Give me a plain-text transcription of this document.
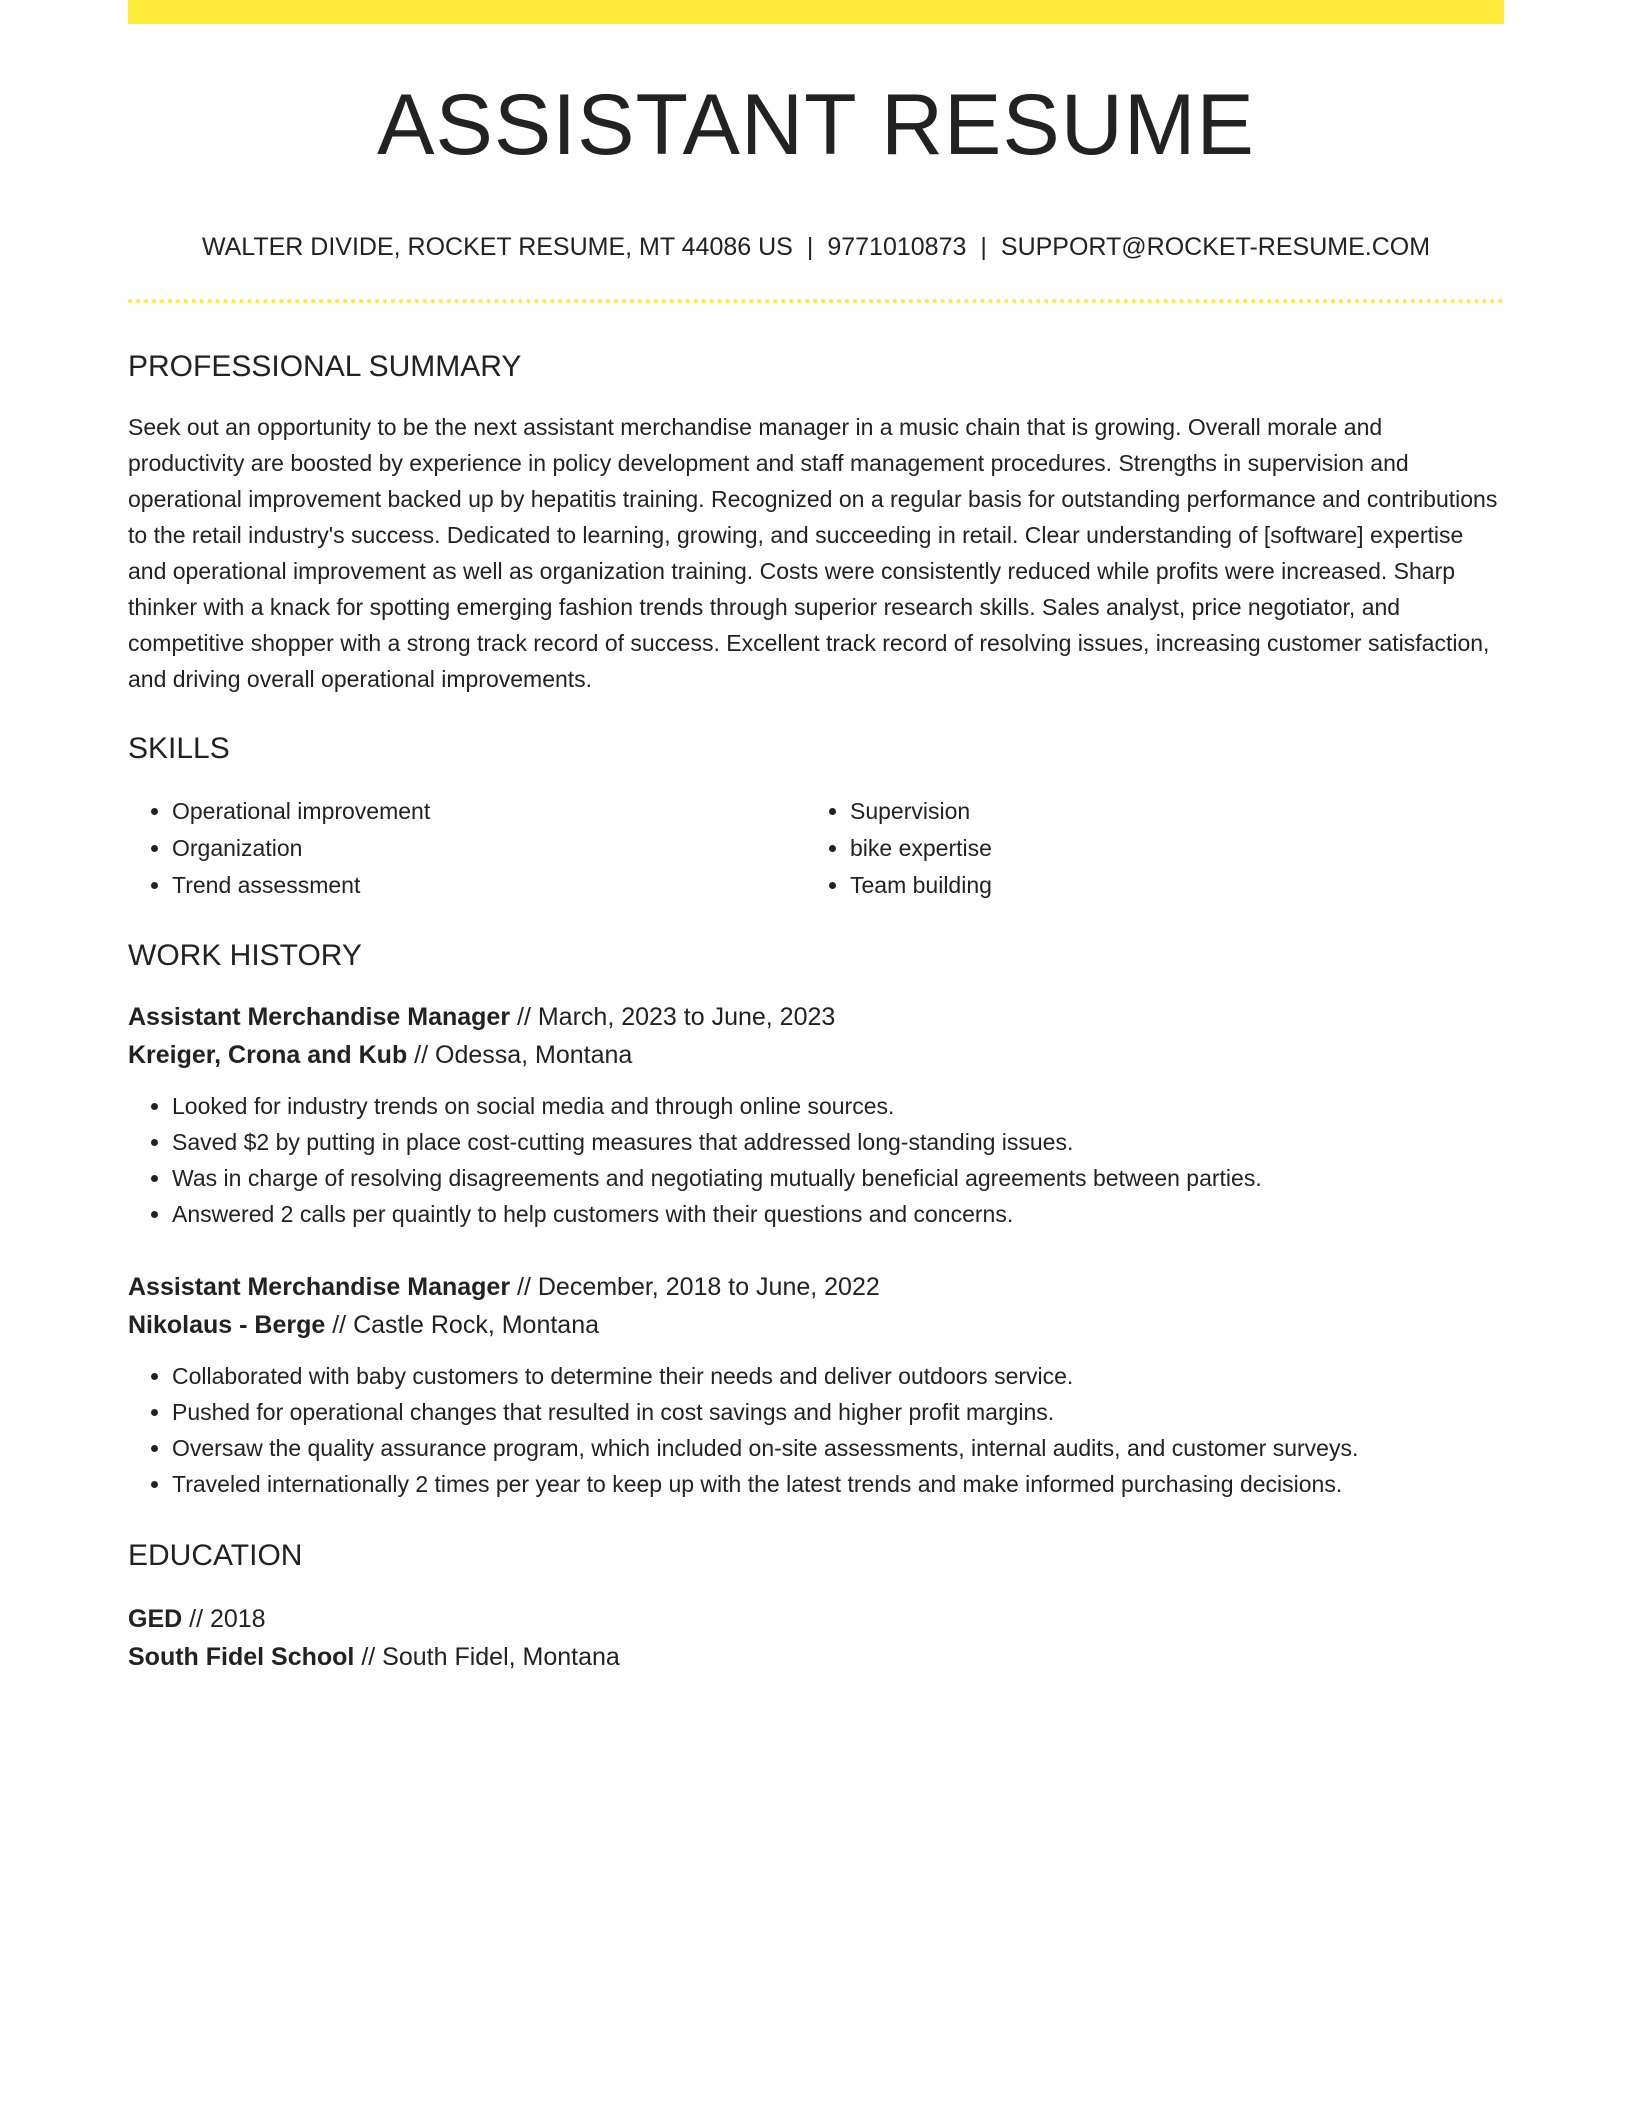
ASSISTANT RESUME
WALTER DIVIDE, ROCKET RESUME, MT 44086 US | 9771010873 | SUPPORT@ROCKET-RESUME.COM
PROFESSIONAL SUMMARY

Seek out an opportunity to be the next assistant merchandise manager in a music chain that is growing. Overall morale and productivity are boosted by experience in policy development and staff management procedures. Strengths in supervision and operational improvement backed up by hepatitis training. Recognized on a regular basis for outstanding performance and contributions to the retail industry's success. Dedicated to learning, growing, and succeeding in retail. Clear understanding of [software] expertise and operational improvement as well as organization training. Costs were consistently reduced while profits were increased. Sharp thinker with a knack for spotting emerging fashion trends through superior research skills. Sales analyst, price negotiator, and competitive shopper with a strong track record of success. Excellent track record of resolving issues, increasing customer satisfaction, and driving overall operational improvements.

SKILLS
• Operational improvement
• Organization
• Trend assessment
• Supervision
• bike expertise
• Team building
WORK HISTORY
Assistant Merchandise Manager // March, 2023 to June, 2023
Kreiger, Crona and Kub // Odessa, Montana
• Looked for industry trends on social media and through online sources.
• Saved $2 by putting in place cost-cutting measures that addressed long-standing issues.
• Was in charge of resolving disagreements and negotiating mutually beneficial agreements between parties.
• Answered 2 calls per quaintly to help customers with their questions and concerns.
Assistant Merchandise Manager // December, 2018 to June, 2022
Nikolaus - Berge // Castle Rock, Montana
• Collaborated with baby customers to determine their needs and deliver outdoors service.
• Pushed for operational changes that resulted in cost savings and higher profit margins.
• Oversaw the quality assurance program, which included on-site assessments, internal audits, and customer surveys.
• Traveled internationally 2 times per year to keep up with the latest trends and make informed purchasing decisions.
EDUCATION
GED // 2018
South Fidel School // South Fidel, Montana
